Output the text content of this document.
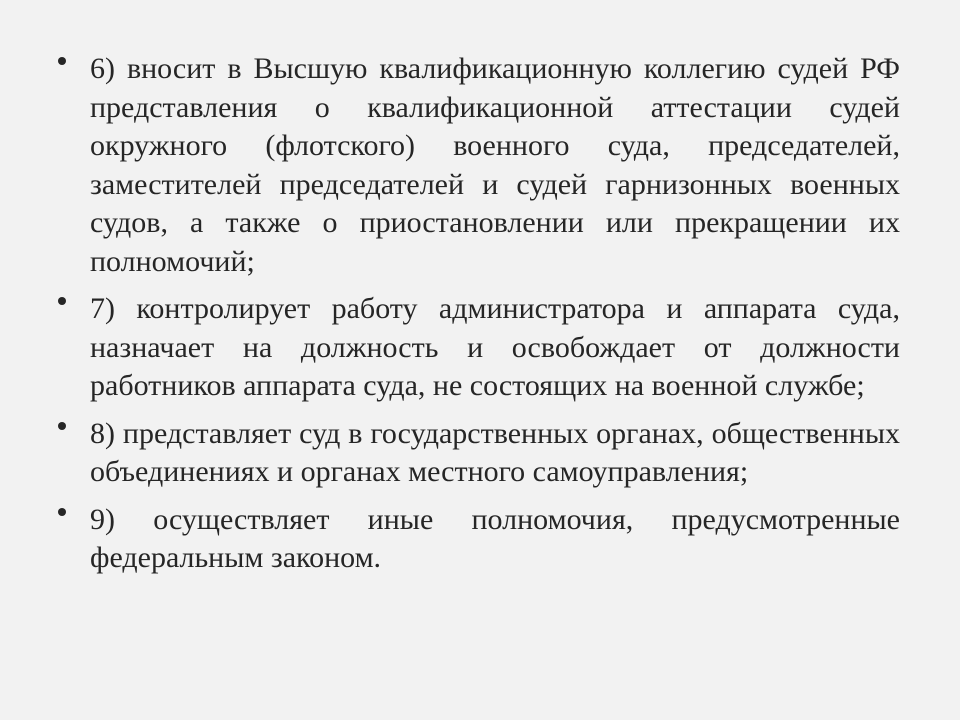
6) вносит в Высшую квалификационную коллегию судей РФ представления о квалификационной аттестации судей окружного (флотского) военного суда, председателей, заместителей председателей и судей гарнизонных военных судов, а также о приостановлении или прекращении их полномочий;
7) контролирует работу администратора и аппарата суда, назначает на должность и освобождает от должности работников аппарата суда, не состоящих на военной службе;
8) представляет суд в государственных органах, общественных объединениях и органах местного самоуправления;
9) осуществляет иные полномочия, предусмотренные федеральным законом.
